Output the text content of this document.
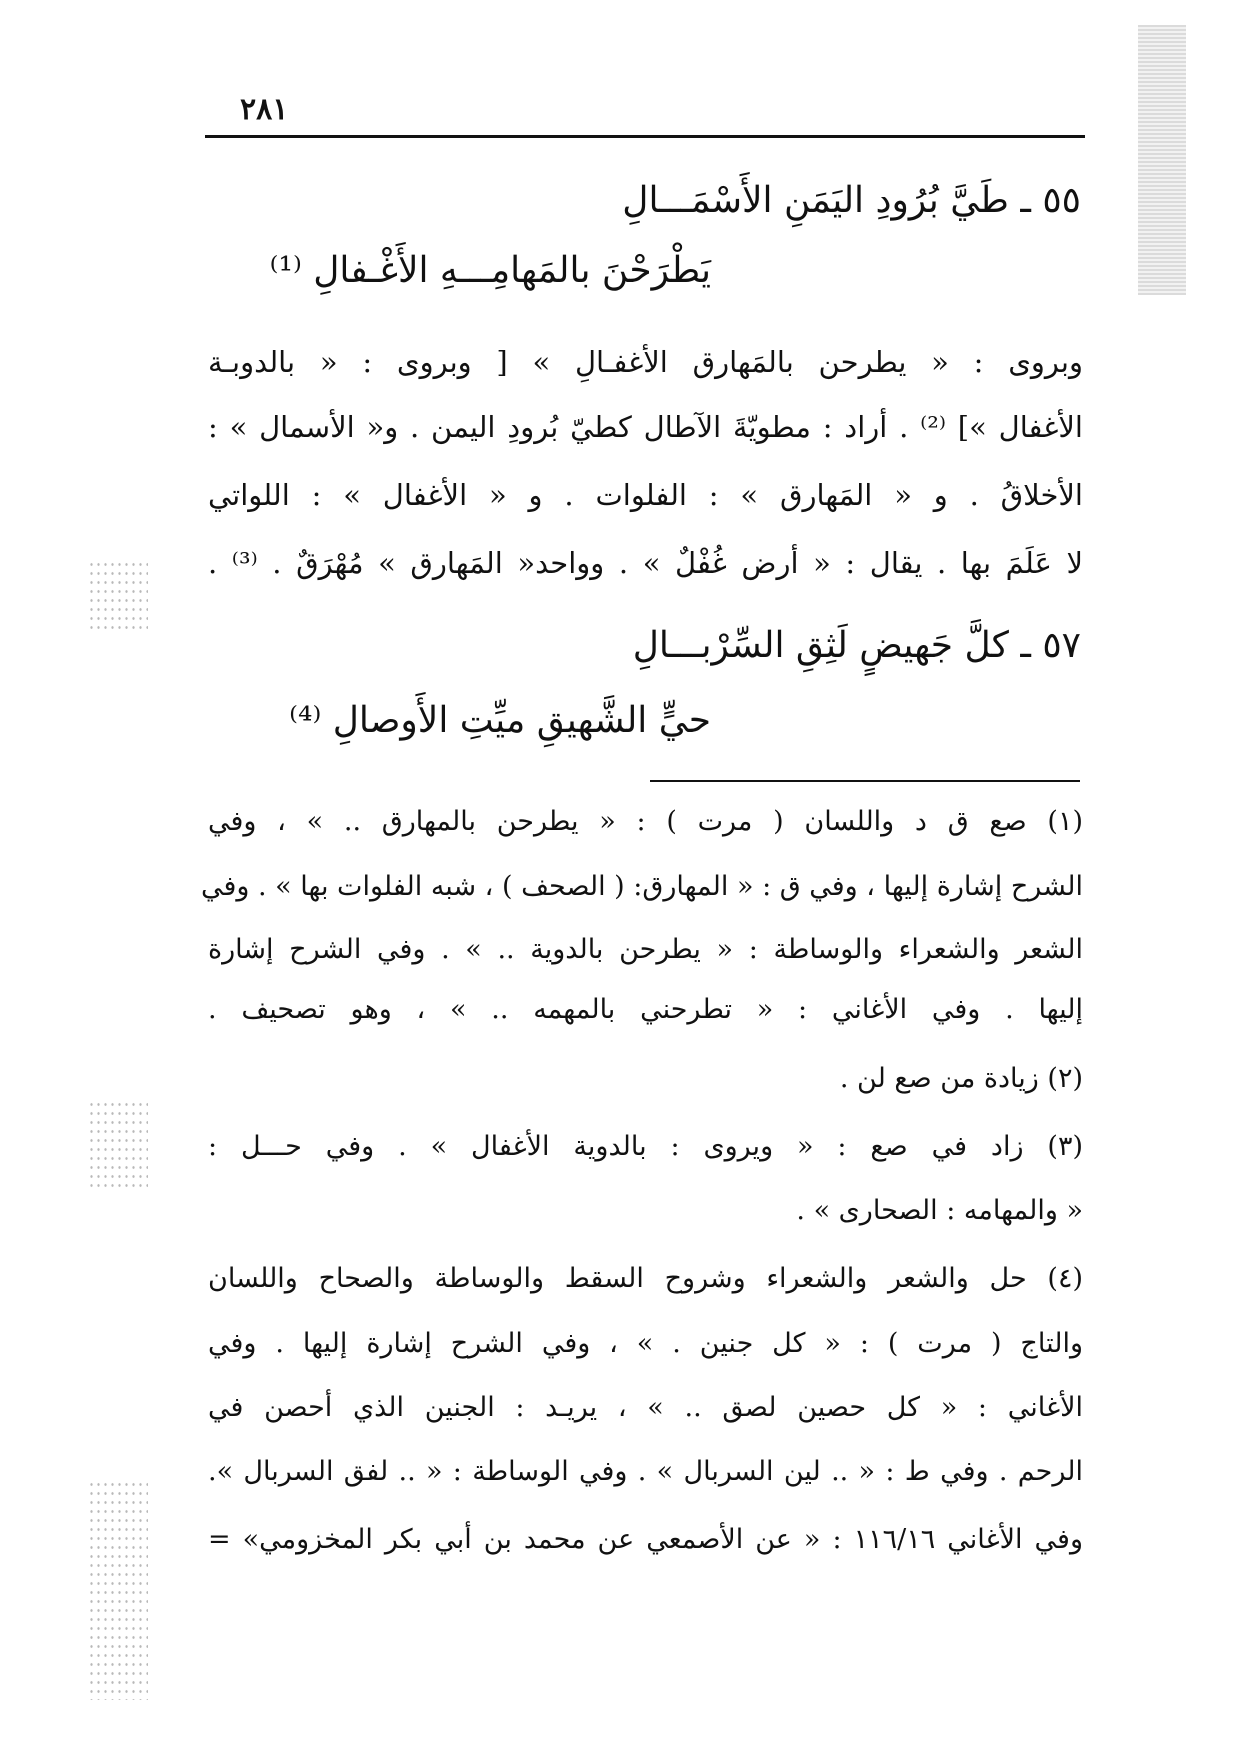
٢٨١
٥٥ ـ طَيَّ بُرُودِ اليَمَنِ الأَسْمَـــالِ
يَطْرَحْنَ بالمَهامِـــهِ الأَغْـفالِ ⁽¹⁾
وبروى : « يطرحن بالمَهارق الأغفـالِ » [ وبروى : « بالدوبـة
الأغفال »] ⁽²⁾ . أراد : مطويّةَ الآطال كطيّ بُرودِ اليمن . و« الأسمال » :
الأخلاقُ . و « المَهارق » : الفلوات . و « الأغفال » : اللواتي
لا عَلَمَ بها . يقال : « أرض غُفْلٌ » . وواحد« المَهارق » مُهْرَقٌ . ⁽³⁾ .
٥٧ ـ كلَّ جَهيضٍ لَثِقِ السِّرْبـــالِ
حيٍّ الشَّهيقِ ميِّتِ الأَوصالِ ⁽⁴⁾
(١) صع ق د واللسان ( مرت ) : « يطرحن بالمهارق .. » ، وفي
الشرح إشارة إليها ، وفي ق : « المهارق: ( الصحف ) ، شبه الفلوات بها » . وفي
الشعر والشعراء والوساطة : « يطرحن بالدوية .. » . وفي الشرح إشارة
إليها . وفي الأغاني : « تطرحني بالمهمه .. » ، وهو تصحيف .
(٢) زيادة من صع لن .
(٣) زاد في صع : « ويروى : بالدوية الأغفال » . وفي حـــل :
« والمهامه : الصحارى » .
(٤) حل والشعر والشعراء وشروح السقط والوساطة والصحاح واللسان
والتاج ( مرت ) : « كل جنين . » ، وفي الشرح إشارة إليها . وفي
الأغاني : « كل حصين لصق .. » ، يريـد : الجنين الذي أحصن في
الرحم . وفي ط : « .. لين السربال » . وفي الوساطة : « .. لفق السربال ».
وفي الأغاني ١١٦/١٦ : « عن الأصمعي عن محمد بن أبي بكر المخزومي» =
